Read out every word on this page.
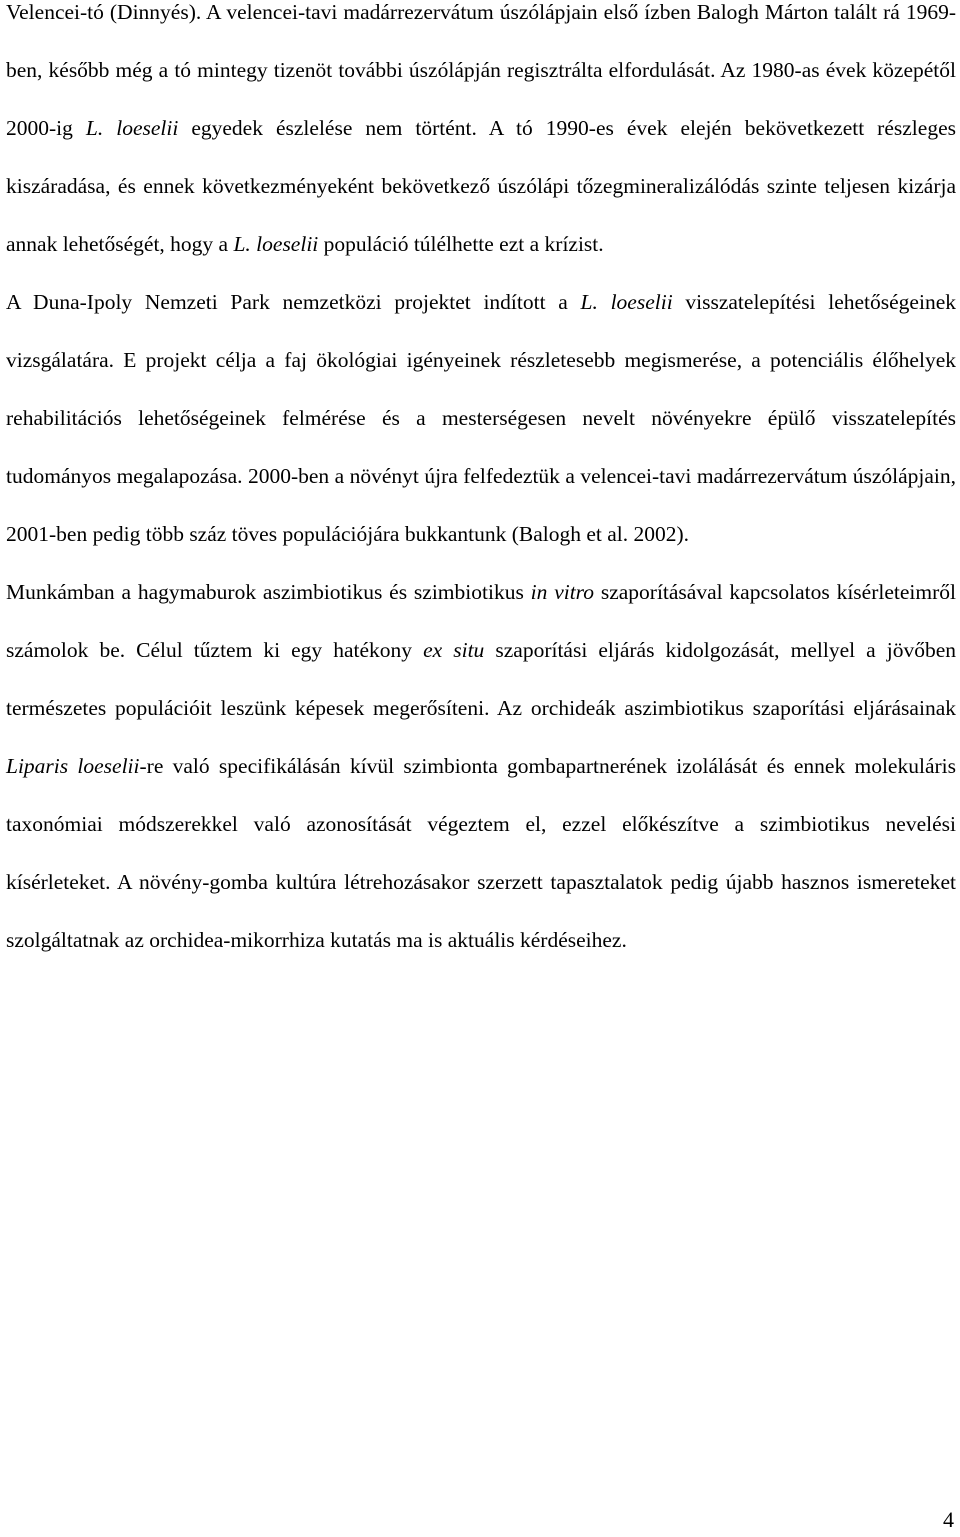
Velencei-tó (Dinnyés). A velencei-tavi madárrezervátum úszólápjain első ízben Balogh Márton talált rá 1969-ben, később még a tó mintegy tizenöt további úszólápján regisztrálta elfordulását. Az 1980-as évek közepétől 2000-ig L. loeselii egyedek észlelése nem történt. A tó 1990-es évek elején bekövetkezett részleges kiszáradása, és ennek következményeként bekövetkező úszólápi tőzegmineralizálódás szinte teljesen kizárja annak lehetőségét, hogy a L. loeselii populáció túlélhette ezt a krízist.

A Duna-Ipoly Nemzeti Park nemzetközi projektet indított a L. loeselii visszatelepítési lehetőségeinek vizsgálatára. E projekt célja a faj ökológiai igényeinek részletesebb megismerése, a potenciális élőhelyek rehabilitációs lehetőségeinek felmérése és a mesterségesen nevelt növényekre épülő visszatelepítés tudományos megalapozása. 2000-ben a növényt újra felfedeztük a velencei-tavi madárrezervátum úszólápjain, 2001-ben pedig több száz töves populációjára bukkantunk (Balogh et al. 2002).

Munkámban a hagymaburok aszimbiotikus és szimbiotikus in vitro szaporításával kapcsolatos kísérleteimről számolok be. Célul tűztem ki egy hatékony ex situ szaporítási eljárás kidolgozását, mellyel a jövőben természetes populációit leszünk képesek megerősíteni. Az orchideák aszimbiotikus szaporítási eljárásainak Liparis loeselii-re való specifikálásán kívül szimbionta gombapartnerének izolálását és ennek molekuláris taxonómiai módszerekkel való azonosítását végeztem el, ezzel előkészítve a szimbiotikus nevelési kísérleteket. A növény-gomba kultúra létrehozásakor szerzett tapasztalatok pedig újabb hasznos ismereteket szolgáltatnak az orchidea-mikorrhiza kutatás ma is aktuális kérdéseihez.

4
